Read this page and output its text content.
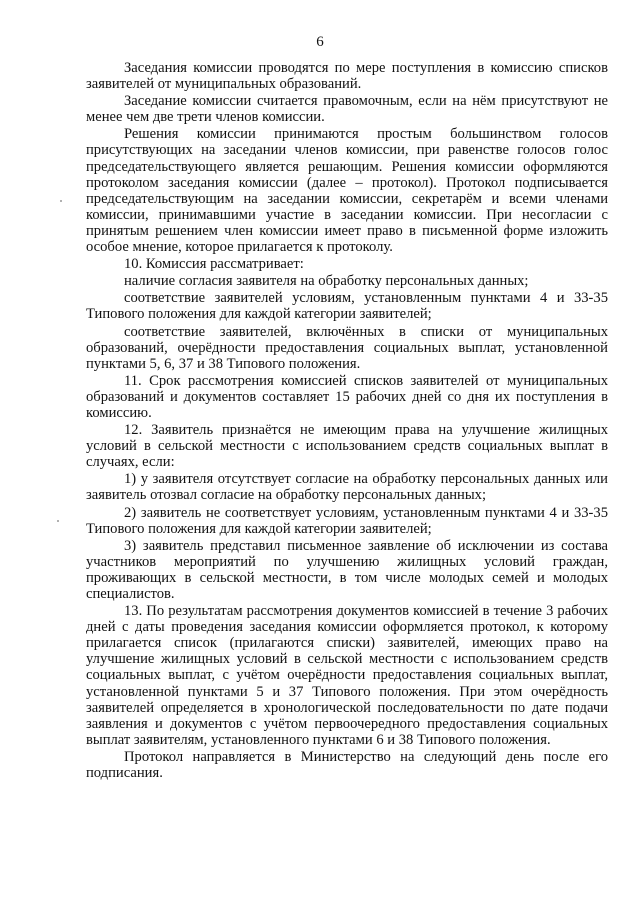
6

Заседания комиссии проводятся по мере поступления в комиссию списков заявителей от муниципальных образований.

Заседание комиссии считается правомочным, если на нём присутствуют не менее чем две трети членов комиссии.

Решения комиссии принимаются простым большинством голосов присутствующих на заседании членов комиссии, при равенстве голосов голос председательствующего является решающим. Решения комиссии оформляются протоколом заседания комиссии (далее – протокол). Протокол подписывается председательствующим на заседании комиссии, секретарём и всеми членами комиссии, принимавшими участие в заседании комиссии. При несогласии с принятым решением член комиссии имеет право в письменной форме изложить особое мнение, которое прилагается к протоколу.

10. Комиссия рассматривает:

наличие согласия заявителя на обработку персональных данных;

соответствие заявителей условиям, установленным пунктами 4 и 33-35 Типового положения для каждой категории заявителей;

соответствие заявителей, включённых в списки от муниципальных образований, очерёдности предоставления социальных выплат, установленной пунктами 5, 6, 37 и 38 Типового положения.

11. Срок рассмотрения комиссией списков заявителей от муниципальных образований и документов составляет 15 рабочих дней со дня их поступления в комиссию.

12. Заявитель признаётся не имеющим права на улучшение жилищных условий в сельской местности с использованием средств социальных выплат в случаях, если:

1) у заявителя отсутствует согласие на обработку персональных данных или заявитель отозвал согласие на обработку персональных данных;

2) заявитель не соответствует условиям, установленным пунктами 4 и 33-35 Типового положения для каждой категории заявителей;

3) заявитель представил письменное заявление об исключении из состава участников мероприятий по улучшению жилищных условий граждан, проживающих в сельской местности, в том числе молодых семей и молодых специалистов.

13. По результатам рассмотрения документов комиссией в течение 3 рабочих дней с даты проведения заседания комиссии оформляется протокол, к которому прилагается список (прилагаются списки) заявителей, имеющих право на улучшение жилищных условий в сельской местности с использованием средств социальных выплат, с учётом очерёдности предоставления социальных выплат, установленной пунктами 5 и 37 Типового положения. При этом очерёдность заявителей определяется в хронологической последовательности по дате подачи заявления и документов с учётом первоочередного предоставления социальных выплат заявителям, установленного пунктами 6 и 38 Типового положения.

Протокол направляется в Министерство на следующий день после его подписания.
